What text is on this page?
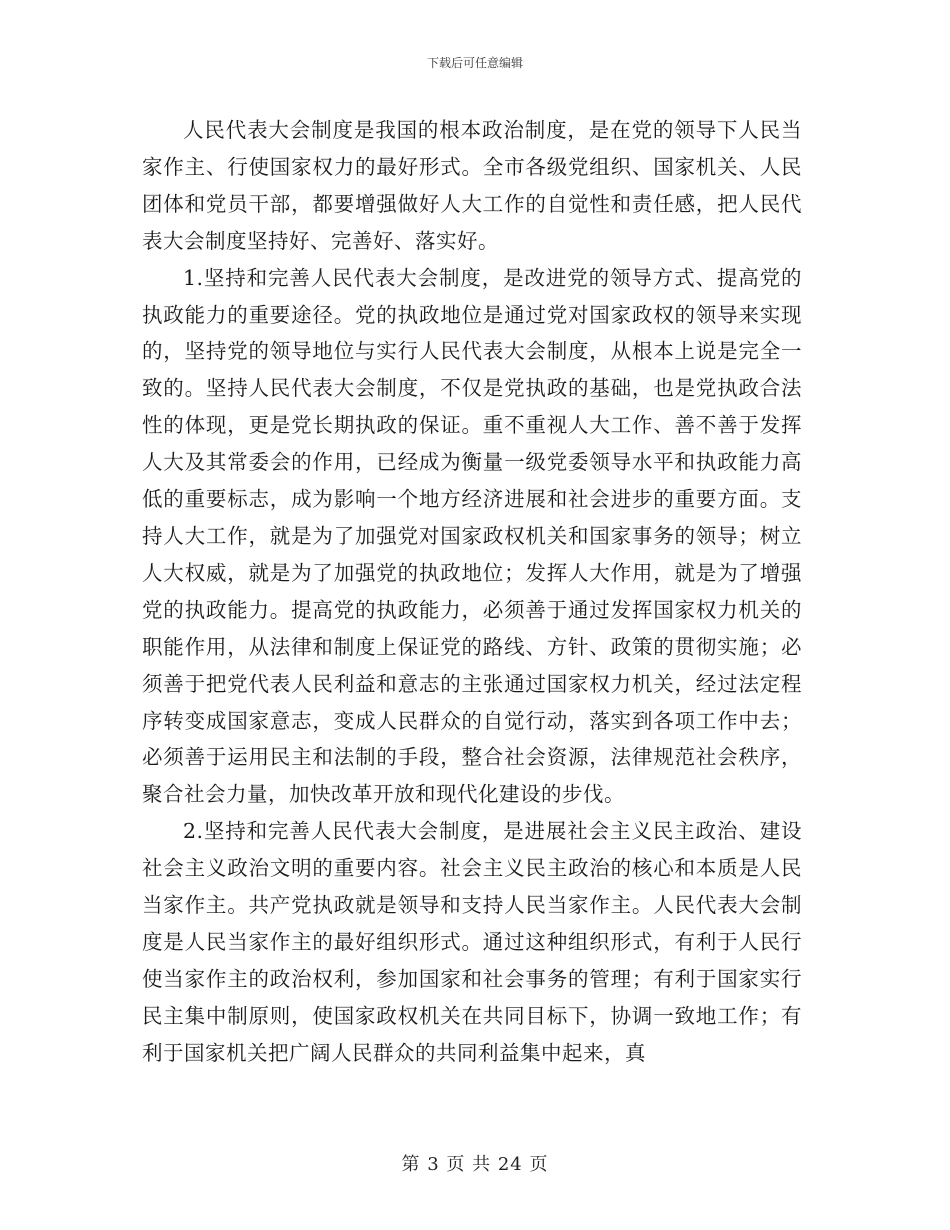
下载后可任意编辑

人民代表大会制度是我国的根本政治制度，是在党的领导下人民当家作主、行使国家权力的最好形式。全市各级党组织、国家机关、人民团体和党员干部，都要增强做好人大工作的自觉性和责任感，把人民代表大会制度坚持好、完善好、落实好。

1.坚持和完善人民代表大会制度，是改进党的领导方式、提高党的执政能力的重要途径。党的执政地位是通过党对国家政权的领导来实现的，坚持党的领导地位与实行人民代表大会制度，从根本上说是完全一致的。坚持人民代表大会制度，不仅是党执政的基础，也是党执政合法性的体现，更是党长期执政的保证。重不重视人大工作、善不善于发挥人大及其常委会的作用，已经成为衡量一级党委领导水平和执政能力高低的重要标志，成为影响一个地方经济进展和社会进步的重要方面。支持人大工作，就是为了加强党对国家政权机关和国家事务的领导；树立人大权威，就是为了加强党的执政地位；发挥人大作用，就是为了增强党的执政能力。提高党的执政能力，必须善于通过发挥国家权力机关的职能作用，从法律和制度上保证党的路线、方针、政策的贯彻实施；必须善于把党代表人民利益和意志的主张通过国家权力机关，经过法定程序转变成国家意志，变成人民群众的自觉行动，落实到各项工作中去；必须善于运用民主和法制的手段，整合社会资源，法律规范社会秩序，聚合社会力量，加快改革开放和现代化建设的步伐。

2.坚持和完善人民代表大会制度，是进展社会主义民主政治、建设社会主义政治文明的重要内容。社会主义民主政治的核心和本质是人民当家作主。共产党执政就是领导和支持人民当家作主。人民代表大会制度是人民当家作主的最好组织形式。通过这种组织形式，有利于人民行使当家作主的政治权利，参加国家和社会事务的管理；有利于国家实行民主集中制原则，使国家政权机关在共同目标下，协调一致地工作；有利于国家机关把广阔人民群众的共同利益集中起来，真

第 3 页 共 24 页
